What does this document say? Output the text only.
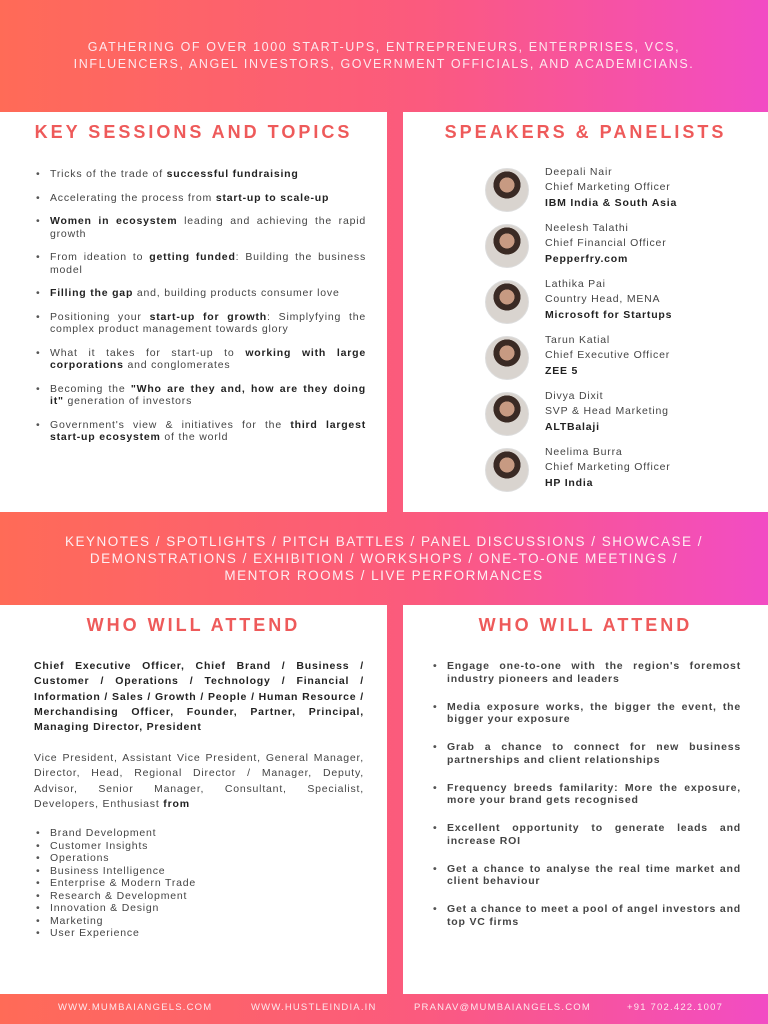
GATHERING OF OVER 1000 START-UPS, ENTREPRENEURS, ENTERPRISES, VCS,
INFLUENCERS, ANGEL INVESTORS, GOVERNMENT OFFICIALS, AND ACADEMICIANS.
KEY SESSIONS AND TOPICS
• Tricks of the trade of successful fundraising
• Accelerating the process from start-up to scale-up
• Women in ecosystem leading and achieving the rapid growth
• From ideation to getting funded: Building the business model
• Filling the gap and, building products consumer love
• Positioning your start-up for growth: Simplyfying the complex product management towards glory
• What it takes for start-up to working with large corporations and conglomerates
• Becoming the "Who are they and, how are they doing it" generation of investors
• Government's view & initiatives for the third largest start-up ecosystem of the world
SPEAKERS & PANELISTS
Deepali Nair
Chief Marketing Officer
IBM India & South Asia
Neelesh Talathi
Chief Financial Officer
Pepperfry.com
Lathika Pai
Country Head, MENA
Microsoft for Startups
Tarun Katial
Chief Executive Officer
ZEE 5
Divya Dixit
SVP & Head Marketing
ALTBalaji
Neelima Burra
Chief Marketing Officer
HP India
KEYNOTES / SPOTLIGHTS / PITCH BATTLES / PANEL DISCUSSIONS / SHOWCASE /
DEMONSTRATIONS / EXHIBITION / WORKSHOPS / ONE-TO-ONE MEETINGS /
MENTOR ROOMS / LIVE PERFORMANCES
WHO WILL ATTEND
Chief Executive Officer, Chief Brand / Business / Customer / Operations / Technology / Financial / Information / Sales / Growth / People / Human Resource / Merchandising Officer, Founder, Partner, Principal, Managing Director, President
Vice President, Assistant Vice President, General Manager, Director, Head, Regional Director / Manager, Deputy, Advisor, Senior Manager, Consultant, Specialist, Developers, Enthusiast from
• Brand Development
• Customer Insights
• Operations
• Business Intelligence
• Enterprise & Modern Trade
• Research & Development
• Innovation & Design
• Marketing
• User Experience
WHO WILL ATTEND
• Engage one-to-one with the region's foremost industry pioneers and leaders
• Media exposure works, the bigger the event, the bigger your exposure
• Grab a chance to connect for new business partnerships and client relationships
• Frequency breeds familarity: More the exposure, more your brand gets recognised
• Excellent opportunity to generate leads and increase ROI
• Get a chance to analyse the real time market and client behaviour
• Get a chance to meet a pool of angel investors and top VC firms
WWW.MUMBAIANGELS.COM	WWW.HUSTLEINDIA.IN	PRANAV@MUMBAIANGELS.COM	+91 702.422.1007
